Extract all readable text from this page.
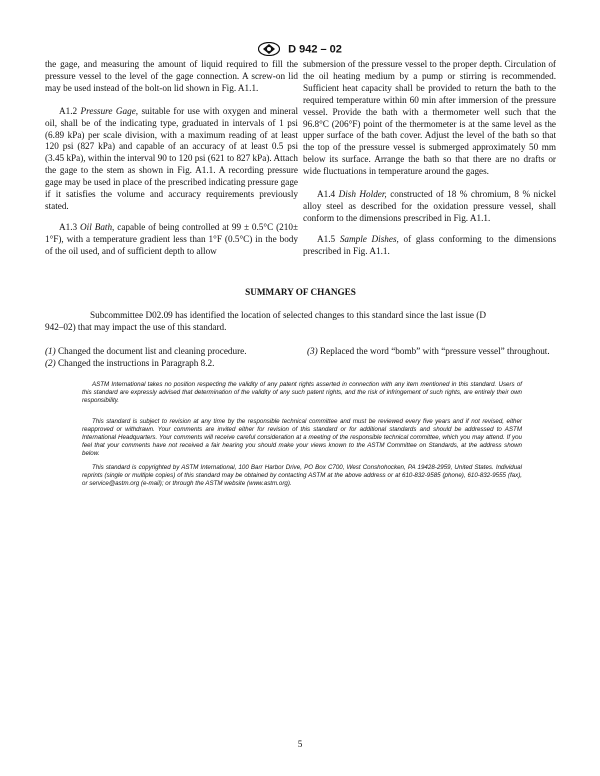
D 942 – 02

the gage, and measuring the amount of liquid required to fill the pressure vessel to the level of the gage connection. A screw-on lid may be used instead of the bolt-on lid shown in Fig. A1.1.

A1.2 Pressure Gage, suitable for use with oxygen and mineral oil, shall be of the indicating type, graduated in intervals of 1 psi (6.89 kPa) per scale division, with a maximum reading of at least 120 psi (827 kPa) and capable of an accuracy of at least 0.5 psi (3.45 kPa), within the interval 90 to 120 psi (621 to 827 kPa). Attach the gage to the stem as shown in Fig. A1.1. A recording pressure gage may be used in place of the prescribed indicating pressure gage if it satisfies the volume and accuracy requirements previously stated.

A1.3 Oil Bath, capable of being controlled at 99 ± 0.5°C (210± 1°F), with a temperature gradient less than 1°F (0.5°C) in the body of the oil used, and of sufficient depth to allow

submersion of the pressure vessel to the proper depth. Circulation of the oil heating medium by a pump or stirring is recommended. Sufficient heat capacity shall be provided to return the bath to the required temperature within 60 min after immersion of the pressure vessel. Provide the bath with a thermometer well such that the 96.8°C (206°F) point of the thermometer is at the same level as the upper surface of the bath cover. Adjust the level of the bath so that the top of the pressure vessel is submerged approximately 50 mm below its surface. Arrange the bath so that there are no drafts or wide fluctuations in temperature around the gages.

A1.4 Dish Holder, constructed of 18 % chromium, 8 % nickel alloy steel as described for the oxidation pressure vessel, shall conform to the dimensions prescribed in Fig. A1.1.

A1.5 Sample Dishes, of glass conforming to the dimensions prescribed in Fig. A1.1.

SUMMARY OF CHANGES

Subcommittee D02.09 has identified the location of selected changes to this standard since the last issue (D 942–02) that may impact the use of this standard.

(1) Changed the document list and cleaning procedure.
(2) Changed the instructions in Paragraph 8.2.
(3) Replaced the word “bomb” with “pressure vessel” throughout.

ASTM International takes no position respecting the validity of any patent rights asserted in connection with any item mentioned in this standard. Users of this standard are expressly advised that determination of the validity of any such patent rights, and the risk of infringement of such rights, are entirely their own responsibility.

This standard is subject to revision at any time by the responsible technical committee and must be reviewed every five years and if not revised, either reapproved or withdrawn. Your comments are invited either for revision of this standard or for additional standards and should be addressed to ASTM International Headquarters. Your comments will receive careful consideration at a meeting of the responsible technical committee, which you may attend. If you feel that your comments have not received a fair hearing you should make your views known to the ASTM Committee on Standards, at the address shown below.

This standard is copyrighted by ASTM International, 100 Barr Harbor Drive, PO Box C700, West Conshohocken, PA 19428-2959, United States. Individual reprints (single or multiple copies) of this standard may be obtained by contacting ASTM at the above address or at 610-832-9585 (phone), 610-832-9555 (fax), or service@astm.org (e-mail); or through the ASTM website (www.astm.org).

5
